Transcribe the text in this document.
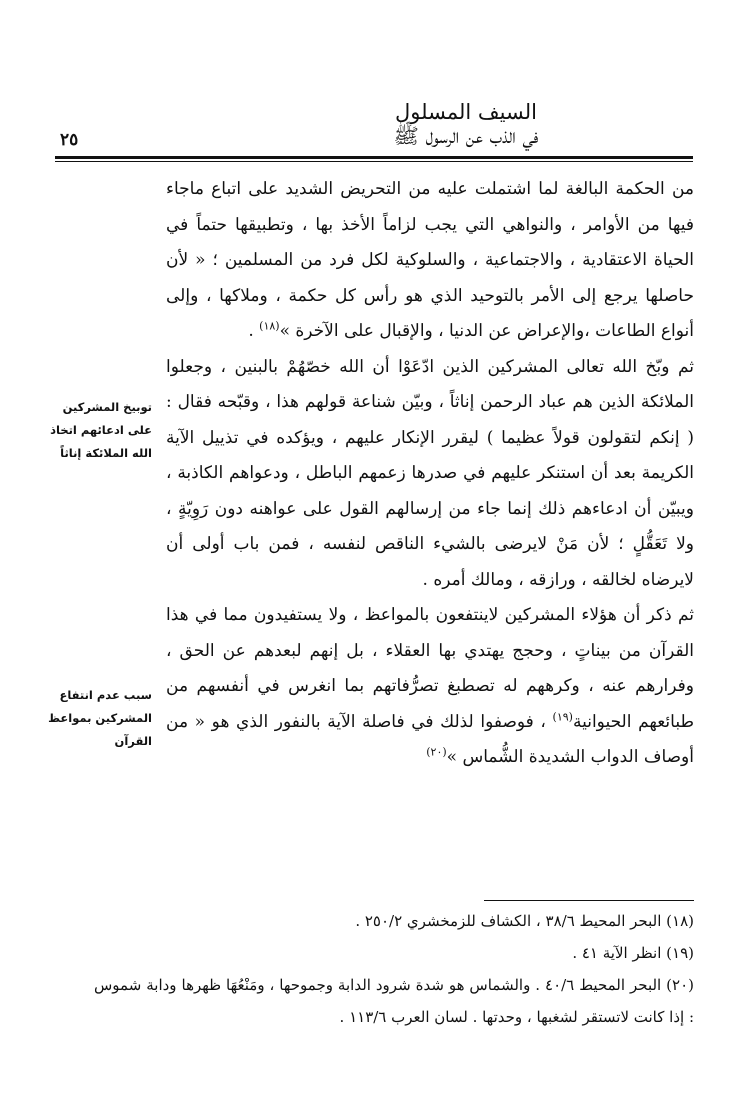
السيف المسلول
في الذب عن الرسول ﷺ
٢٥

من الحكمة البالغة لما اشتملت عليه من التحريض الشديد على اتباع ماجاء فيها من الأوامر ، والنواهي التي يجب لزاماً الأخذ بها ، وتطبيقها حتماً في الحياة الاعتقادية ، والاجتماعية ، والسلوكية لكل فرد من المسلمين ؛ « لأن حاصلها يرجع إلى الأمر بالتوحيد الذي هو رأس كل حكمة ، وملاكها ، وإلى أنواع الطاعات ،والإعراض عن الدنيا ، والإقبال على الآخرة »$^{(١٨)}$ .

ثم وبّخ الله تعالى المشركين الذين ادّعَوْا أن الله خصّهُمْ بالبنين ، وجعلوا الملائكة الذين هم عباد الرحمن إناثاً ، وبيّن شناعة قولهم هذا ، وقبّحه فقال : ( إنكم لتقولون قولاً عظيما ) ليقرر الإنكار عليهم ، ويؤكده في تذييل الآية الكريمة بعد أن استنكر عليهم في صدرها زعمهم الباطل ، ودعواهم الكاذبة ، ويبيّن أن ادعاءهم ذلك إنما جاء من إرسالهم القول على عواهنه دون رَوِيّةٍ ، ولا تَعَقُّلٍ ؛ لأن مَنْ لايرضى بالشيء الناقص لنفسه ، فمن باب أولى أن لايرضاه لخالقه ، ورازقه ، ومالك أمره .

ثم ذكر أن هؤلاء المشركين لاينتفعون بالمواعظ ، ولا يستفيدون مما في هذا القرآن من بيناتٍ ، وحجج يهتدي بها العقلاء ، بل إنهم لبعدهم عن الحق ، وفرارهم عنه ، وكرههم له تصطبغ تصرُّفاتهم بما انغرس في أنفسهم من طبائعهم الحيوانية$^{(١٩)}$ ، فوصفوا لذلك في فاصلة الآية بالنفور الذي هو « من أوصاف الدواب الشديدة الشُّماس »$^{(٢٠)}$

توبيخ المشركين
على ادعائهم اتخاذ
الله الملائكة إناثاً
سبب عدم انتفاع
المشركين بمواعظ
القرآن

(١٨) البحر المحيط ٣٨/٦ ، الكشاف للزمخشري ٢٥٠/٢ .

(١٩) انظر الآية ٤١ .

(٢٠) البحر المحيط ٤٠/٦ . والشماس هو شدة شرود الدابة وجموحها ، ومَنْعُهَا ظهرها ودابة شموس : إذا كانت لاتستقر لشغبها ، وحدتها . لسان العرب ١١٣/٦ .
